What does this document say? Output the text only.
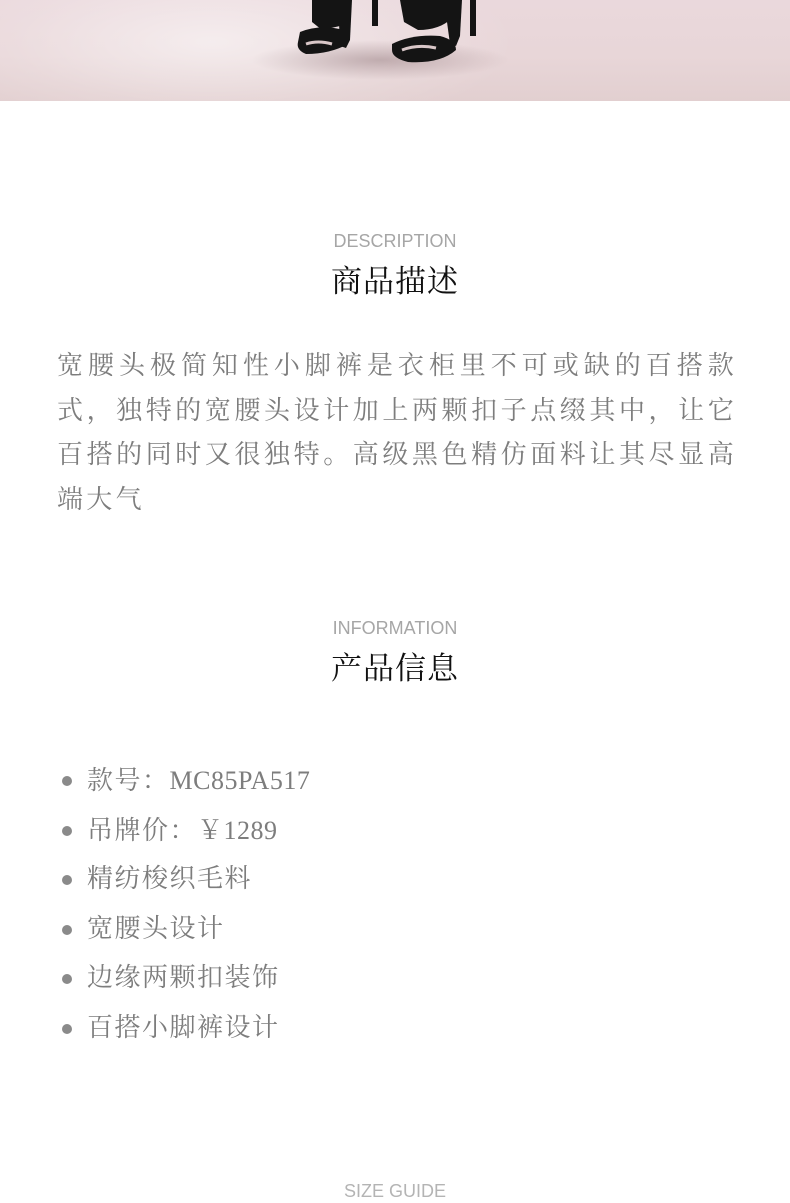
DESCRIPTION
商品描述
宽腰头极简知性小脚裤是衣柜里不可或缺的百搭款式，独特的宽腰头设计加上两颗扣子点缀其中，让它百搭的同时又很独特。高级黑色精仿面料让其尽显高端大气
INFORMATION
产品信息
款号：MC85PA517
吊牌价：￥1289
精纺梭织毛料
宽腰头设计
边缘两颗扣装饰
百搭小脚裤设计
SIZE GUIDE
